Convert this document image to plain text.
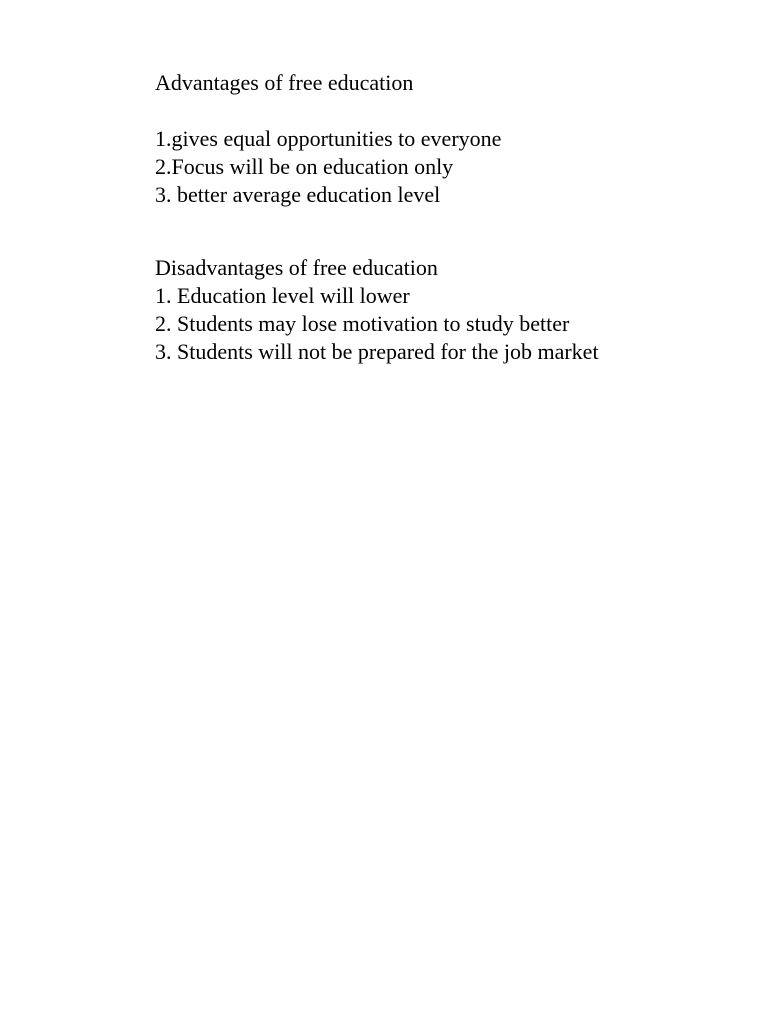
Advantages of free education

1.gives equal opportunities to everyone
2.Focus will be on education only
3. better average education level

Disadvantages of free education

1. Education level will lower
2. Students may lose motivation to study better
3. Students will not be prepared for the job market
